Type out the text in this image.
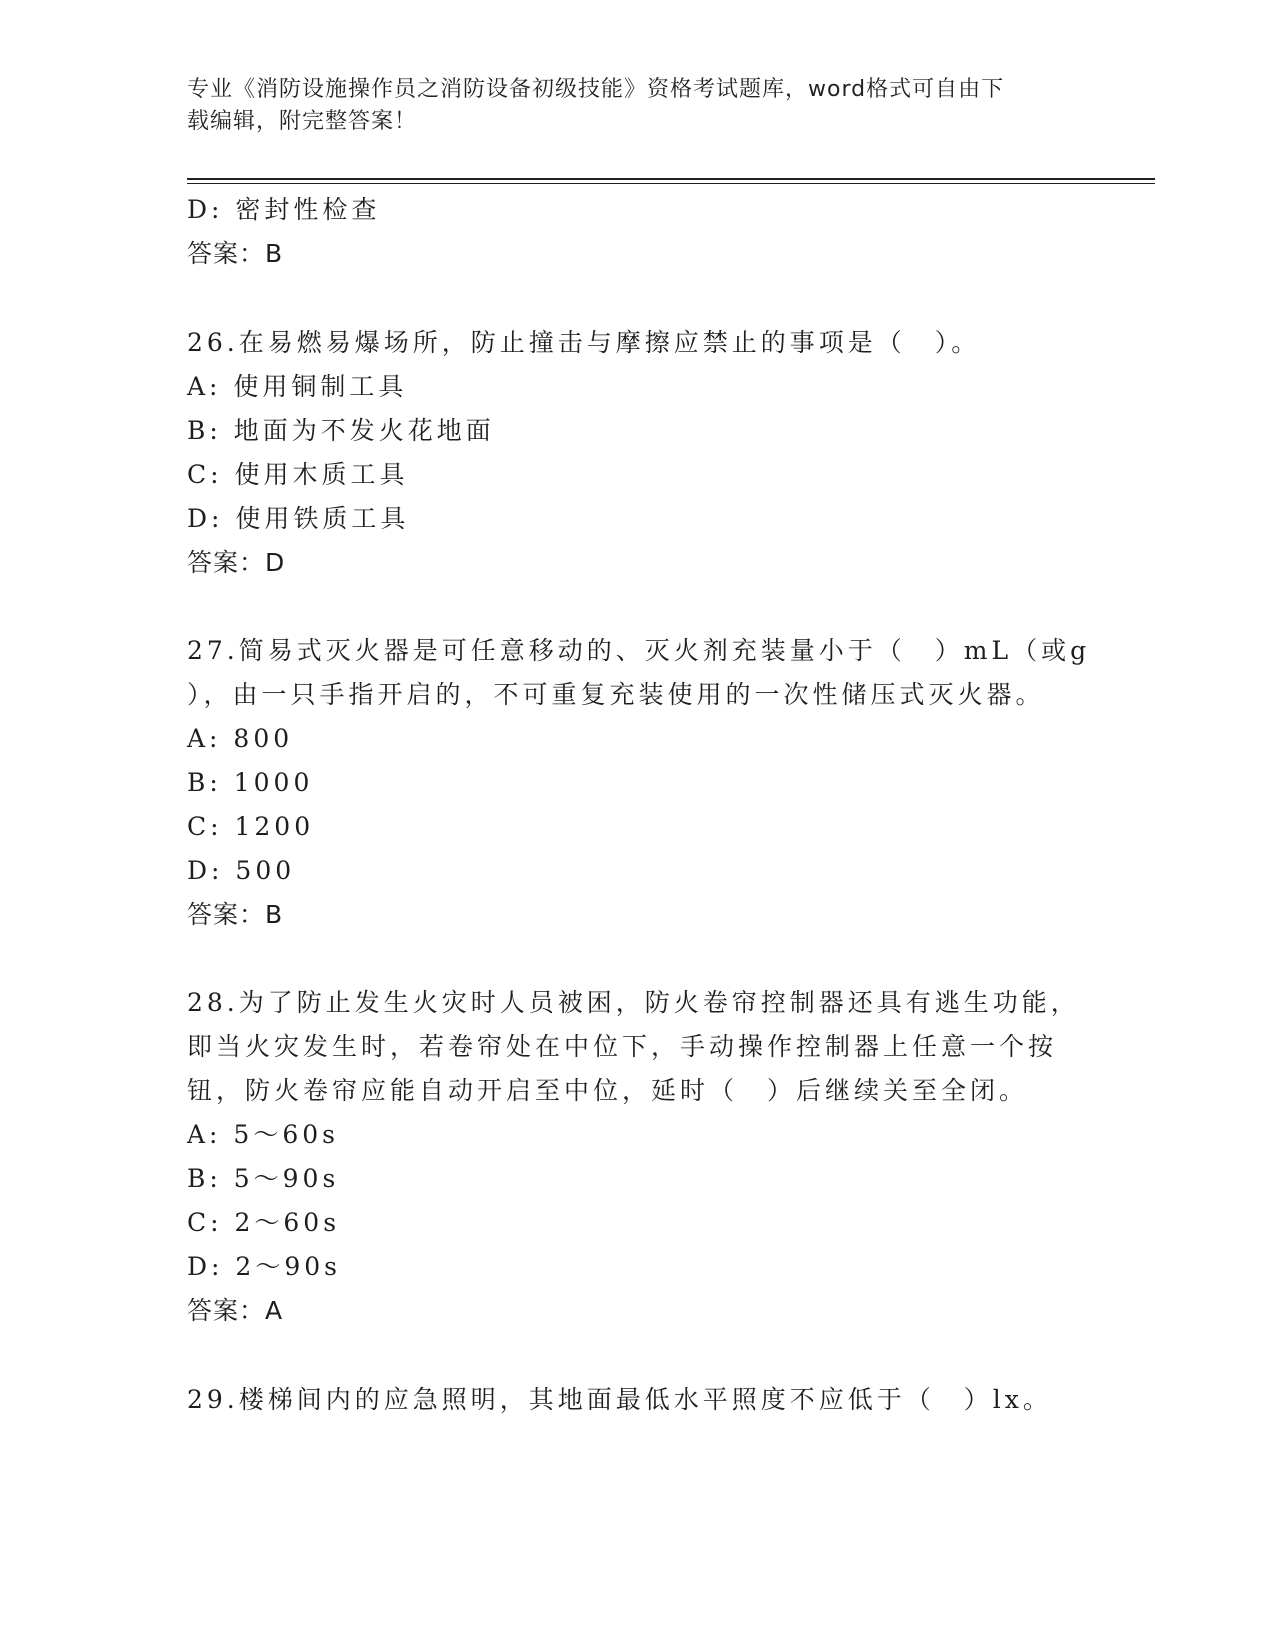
专业《消防设施操作员之消防设备初级技能》资格考试题库，word格式可自由下
载编辑，附完整答案！
D: 密封性检查
答案：B
26.在易燃易爆场所，防止撞击与摩擦应禁止的事项是（　）。
A: 使用铜制工具
B: 地面为不发火花地面
C: 使用木质工具
D: 使用铁质工具
答案：D
27.简易式灭火器是可任意移动的、灭火剂充装量小于（　）mL（或g
），由一只手指开启的，不可重复充装使用的一次性储压式灭火器。
A: 800
B: 1000
C: 1200
D: 500
答案：B
28.为了防止发生火灾时人员被困，防火卷帘控制器还具有逃生功能，
即当火灾发生时，若卷帘处在中位下，手动操作控制器上任意一个按
钮，防火卷帘应能自动开启至中位，延时（　）后继续关至全闭。
A: 5～60s
B: 5～90s
C: 2～60s
D: 2～90s
答案：A
29.楼梯间内的应急照明，其地面最低水平照度不应低于（　）lx。
